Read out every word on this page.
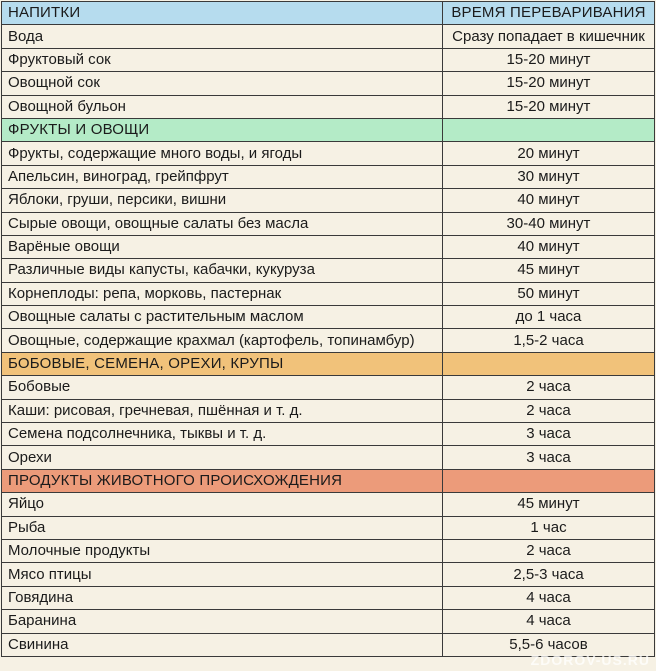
НАПИТКИ	ВРЕМЯ ПЕРЕВАРИВАНИЯ
Вода	Сразу попадает в кишечник
Фруктовый сок	15-20 минут
Овощной сок	15-20 минут
Овощной бульон	15-20 минут
ФРУКТЫ И ОВОЩИ	
Фрукты, содержащие много воды, и ягоды	20 минут
Апельсин, виноград, грейпфрут	30 минут
Яблоки, груши, персики, вишни	40 минут
Сырые овощи, овощные салаты без масла	30-40 минут
Варёные овощи	40 минут
Различные виды капусты, кабачки, кукуруза	45 минут
Корнеплоды: репа, морковь, пастернак	50 минут
Овощные салаты с растительным маслом	до 1 часа
Овощные, содержащие крахмал (картофель, топинамбур)	1,5-2 часа
БОБОВЫЕ, СЕМЕНА, ОРЕХИ, КРУПЫ	
Бобовые	2 часа
Каши: рисовая, гречневая, пшённая и т. д.	2 часа
Семена подсолнечника, тыквы и т. д.	3 часа
Орехи	3 часа
ПРОДУКТЫ ЖИВОТНОГО ПРОИСХОЖДЕНИЯ	
Яйцо	45 минут
Рыба	1 час
Молочные продукты	2 часа
Мясо птицы	2,5-3 часа
Говядина	4 часа
Баранина	4 часа
Свинина	5,5-6 часов
ZDOROV-US.RU
